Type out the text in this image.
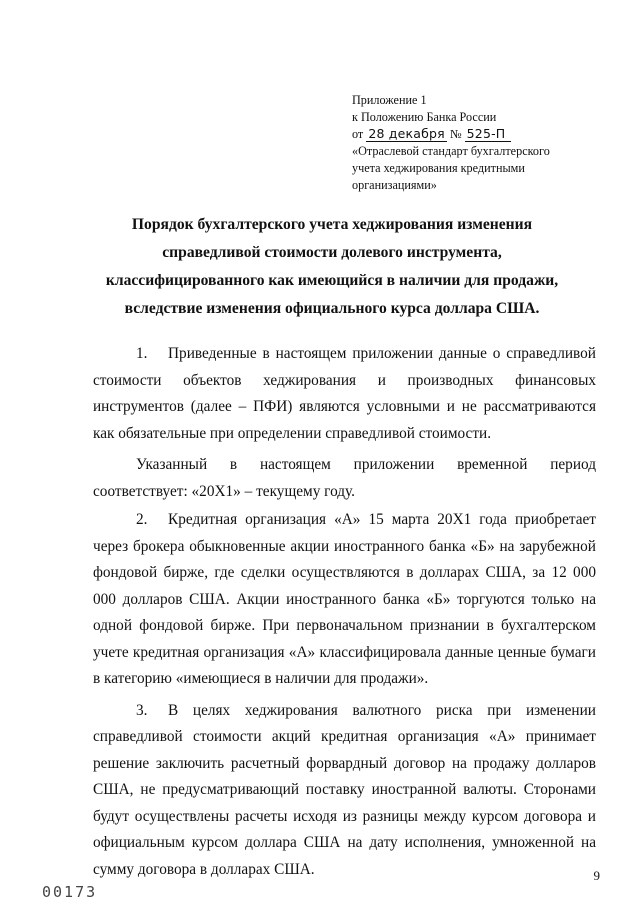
Приложение 1
к Положению Банка России
от 28 декабря № 525-П
«Отраслевой стандарт бухгалтерского
учета хеджирования кредитными
организациями»
Порядок бухгалтерского учета хеджирования изменения справедливой стоимости долевого инструмента, классифицированного как имеющийся в наличии для продажи, вследствие изменения официального курса доллара США.

1. Приведенные в настоящем приложении данные о справедливой стоимости объектов хеджирования и производных финансовых инструментов (далее – ПФИ) являются условными и не рассматриваются как обязательные при определении справедливой стоимости.

Указанный в настоящем приложении временной период соответствует: «20Х1» – текущему году.

2. Кредитная организация «А» 15 марта 20Х1 года приобретает через брокера обыкновенные акции иностранного банка «Б» на зарубежной фондовой бирже, где сделки осуществляются в долларах США, за 12 000 000 долларов США. Акции иностранного банка «Б» торгуются только на одной фондовой бирже. При первоначальном признании в бухгалтерском учете кредитная организация «А» классифицировала данные ценные бумаги в категорию «имеющиеся в наличии для продажи».

3. В целях хеджирования валютного риска при изменении справедливой стоимости акций кредитная организация «А» принимает решение заключить расчетный форвардный договор на продажу долларов США, не предусматривающий поставку иностранной валюты. Сторонами будут осуществлены расчеты исходя из разницы между курсом договора и официальным курсом доллара США на дату исполнения, умноженной на сумму договора в долларах США.	9
00173
